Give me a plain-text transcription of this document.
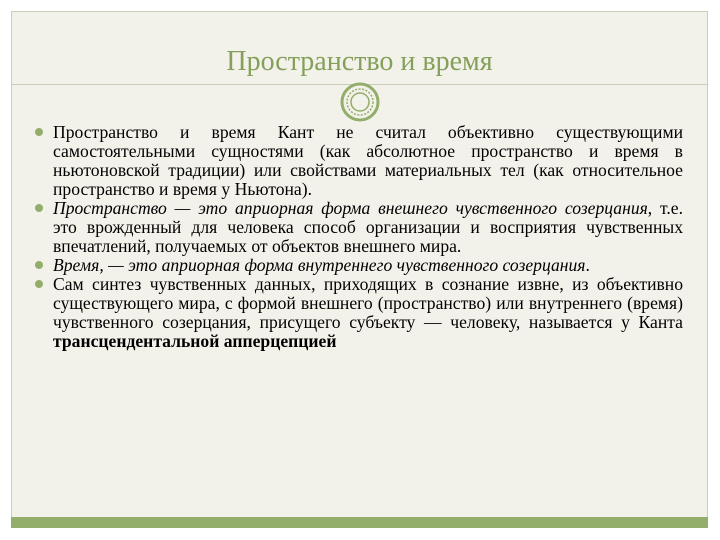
Пространство и время
Пространство и время Кант не считал объективно существующими самостоятельными сущностями (как абсолютное пространство и время в ньютоновской традиции) или свойствами материальных тел (как относительное пространство и время у Ньютона).
Пространство — это априорная форма внешнего чувственного созерцания, т.е. это врожденный для человека способ организации и восприятия чувственных впечатлений, получаемых от объектов внешнего мира.
Время, — это априорная форма внутреннего чувственного созерцания.
Сам синтез чувственных данных, приходящих в сознание извне, из объективно существующего мира, с формой внешнего (пространство) или внутреннего (время) чувственного созерцания, присущего субъекту — человеку, называется у Канта трансцендентальной апперцепцией
